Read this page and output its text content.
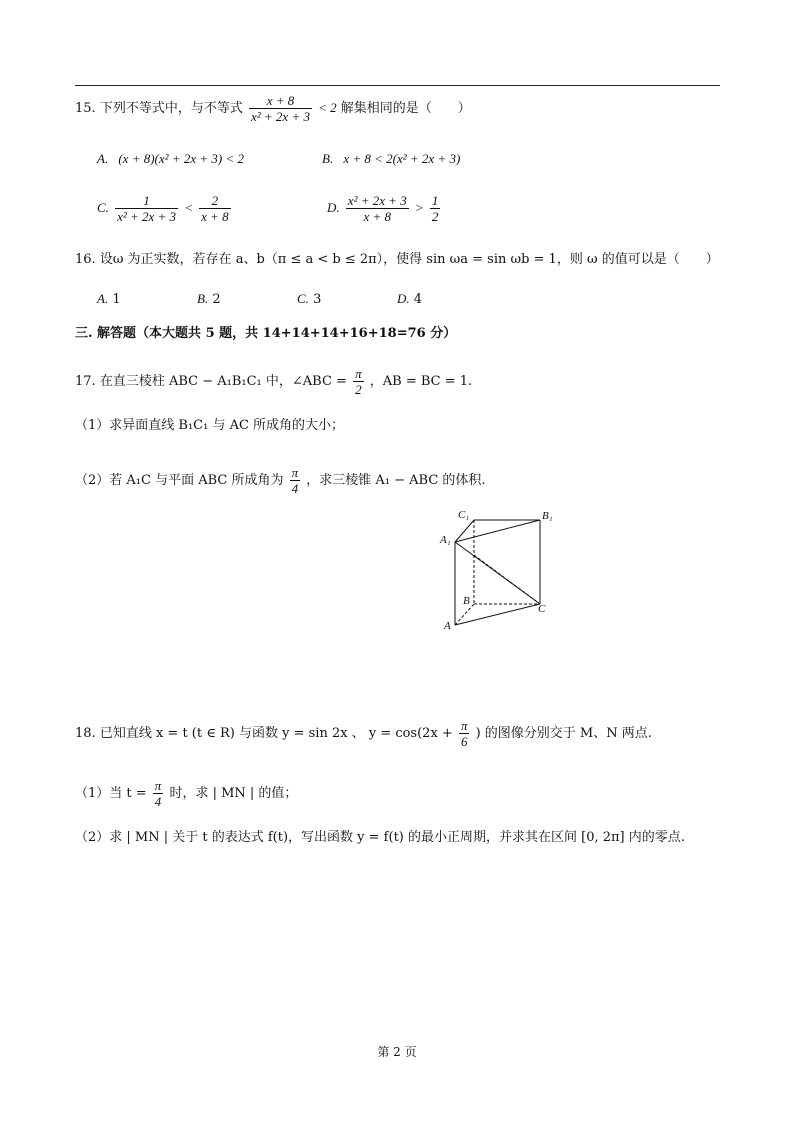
15. 下列不等式中，与不等式 $\frac{x + 8}{\text{x² + 2x + 3}} < 2$ 解集相同的是（　　）
A. (x + 8)(x² + 2x + 3) < 2	B. x + 8 < 2(x² + 2x + 3)
C. $\frac{1}{\text{x² + 2x + 3}} < \frac{2}{x + 8}$	D. $\frac{\text{x² + 2x + 3}}{x + 8} > \frac{1}{2}$
16. 设ω 为正实数，若存在 a、b（π ≤ a < b ≤ 2π），使得 sin ωa = sin ωb = 1，则 ω 的值可以是（　　）
A. 1	B. 2	C. 3	D. 4
三. 解答题（本大题共 5 题，共 14+14+14+16+18=76 分）
17. 在直三棱柱 ABC − A₁B₁C₁ 中，∠ABC = $\frac{\pi}{2}$ ，AB = BC = 1.
（1）求异面直线 B₁C₁ 与 AC 所成角的大小；
（2）若 A₁C 与平面 ABC 所成角为 $\frac{\pi}{4}$ ，求三棱锥 A₁ − ABC 的体积.
C₁	B₁
A₁
B
C
A
18. 已知直线 x = t (t ∈ R) 与函数 y = sin 2x 、 $y = \cos(2x + \frac{\pi}{6}$ ) 的图像分别交于 M、N 两点.
（1）当 $t = \frac{\pi}{4}$ 时，求 | MN | 的值；
（2）求 | MN | 关于 t 的表达式 f(t)，写出函数 y = f(t) 的最小正周期，并求其在区间 [0, 2π] 内的零点.
第 2 页
